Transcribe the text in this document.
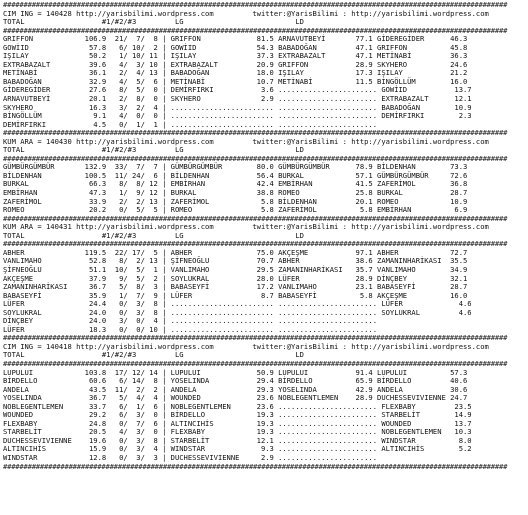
###########################################################################################################################
CIM ING = 140428 http://yarisbilimi.wordpress.com         twitter:@YarisBilimi : http://yarisbilimi.wordpress.com
TOTAL                  #1/#2/#3         LG                          LD
###########################################################################################################################
GRIFFON            106.9  21/  7/  8 | GRIFFON             81.5 ARNAVUTBEYİ       77.1 GİDEREGİDER      46.3
GOWİID              57.8   6/ 10/  2 | GOWİID              54.3 BABADOĞAN         47.1 GRIFFON          45.8
IŞILAY              50.2   1/ 10/ 11 | IŞILAY              37.3 EXTRABAZALT       47.1 METİNABİ         36.3
EXTRABAZALT         39.6   4/  3/ 10 | EXTRABAZALT         20.9 GRIFFON           28.9 SKYHERO          24.6
METİNABİ            36.1   2/  4/ 13 | BABADOĞAN           18.0 IŞILAY            17.3 IŞILAY           21.2
BABADOĞAN           32.9   4/  5/  6 | METİNABİ            10.7 METİNABİ          11.5 BİNGÖLLÜM        16.0
GİDEREGİDER         27.6   8/  5/  0 | DEMİRFIRKI           3.6 ....................... GOWİID           13.7
ARNAVUTBEYİ         20.1   2/  8/  0 | SKYHERO              2.9 ....................... EXTRABAZALT      12.1
SKYHERO             16.3   3/  2/  4 | ........................ ....................... BABADOĞAN        10.9
BİNGÖLLÜM            9.1   4/  0/  0 | ........................ ....................... DEMİRFIRKI        2.3
DEMİRFIRKI           4.5   0/  1/  1 | ........................ .......................
###########################################################################################################################
KUM ARA = 140430 http://yarisbilimi.wordpress.com         twitter:@YarisBilimi : http://yarisbilimi.wordpress.com
TOTAL                  #1/#2/#3         LG                          LD
###########################################################################################################################
GÜMBÜRGÜMBÜR       132.9  33/  7/  7 | GÜMBÜRGÜMBÜR        80.0 GÜMBÜRGÜMBÜR      78.9 BİLDENHAN        73.3
BİLDENHAN          100.5  11/ 24/  6 | BİLDENHAN           56.4 BURKAL            57.1 GÜMBÜRGÜMBÜR     72.6
BURKAL              66.3   8/  8/ 12 | EMBİRHAN            42.4 EMBİRHAN          41.5 ZAFERİMOL        36.8
EMBİRHAN            47.3   1/  9/ 12 | BURKAL              38.8 ROMEO             25.8 BURKAL           28.7
ZAFERİMOL           33.9   2/  2/ 13 | ZAFERİMOL            5.8 BİLDENHAN         20.1 ROMEO            10.9
ROMEO               20.2   0/  5/  5 | ROMEO                5.8 ZAFERİMOL          5.8 EMBİRHAN          6.9
###########################################################################################################################
KUM ARA = 140431 http://yarisbilimi.wordpress.com         twitter:@YarisBilimi : http://yarisbilimi.wordpress.com
TOTAL                  #1/#2/#3         LG                          LD
###########################################################################################################################
ABHER              119.5  22/ 17/  5 | ABHER               75.0 AKÇEŞME           97.1 ABHER            72.7
VANLIMAHO           52.8   8/  2/ 13 | ŞİFNEOĞLU           70.7 ABHER             38.6 ZAMANINHARİKASI  35.5
ŞİFNEOĞLU           51.1  10/  5/  1 | VANLIMAHO           29.5 ZAMANINHARİKASI   35.7 VANLIMAHO        34.9
AKÇEŞME             37.9   9/  5/  2 | SOYLUKRAL           28.0 LÜFER             28.9 DİNÇBEY          32.1
ZAMANINHARİKASI     36.7   5/  8/  3 | BABASEYFİ           17.2 VANLIMAHO         23.1 BABASEYFİ        28.7
BABASEYFİ           35.9   1/  7/  9 | LÜFER                8.7 BABASEYFİ          5.8 AKÇEŞME          16.0
LÜFER               24.4   0/  3/  8 | ........................ ....................... LÜFER             4.6
SOYLUKRAL           24.0   0/  3/  8 | ........................ ....................... SOYLUKRAL         4.6
DİNÇBEY             24.0   3/  0/  4 | ........................ .......................
LÜFER               18.3   0/  0/ 10 | ........................ .......................
###########################################################################################################################
CIM ING = 140418 http://yarisbilimi.wordpress.com         twitter:@YarisBilimi : http://yarisbilimi.wordpress.com
TOTAL                  #1/#2/#3         LG                          LD
###########################################################################################################################
LUPULUI            103.8  17/ 12/ 14 | LUPULUI             50.9 LUPULUI           91.4 LUPULUI          57.3
BİRDELLO            60.6   6/ 14/  8 | YOSELINDA           29.4 BİRDELLO          65.9 BİRDELLO         40.6
ANDELA              43.5  11/  2/  2 | ANDELA              29.3 YOSELINDA         42.9 ANDELA           30.6
YOSELINDA           36.7   5/  4/  4 | WOUNDED             23.6 NOBLEGENTLEMEN    28.9 DUCHESSEVIVIENNE 24.7
NOBLEGENTLEMEN      33.7   6/  1/  6 | NOBLEGENTLEMEN      23.6 ....................... FLEXBABY         23.5
WOUNDED             29.2   6/  3/  0 | BİRDELLO            19.3 ....................... STARBELİT        14.9
FLEXBABY            24.8   0/  7/  6 | ALTINCIHİS          19.3 ....................... WOUNDED          13.7
STARBELİT           20.5   4/  3/  0 | FLEXBABY            19.3 ....................... NOBLEGENTLEMEN   10.3
DUCHESSEVIVIENNE    19.6   0/  3/  8 | STARBELİT           12.1 ....................... WINDSTAR          8.0
ALTINCIHİS          15.9   0/  3/  4 | WINDSTAR             9.3 ....................... ALTINCIHİS        5.2
WINDSTAR            12.8   0/  3/  3 | DUCHESSEVIVIENNE     2.9 .......................
###########################################################################################################################
